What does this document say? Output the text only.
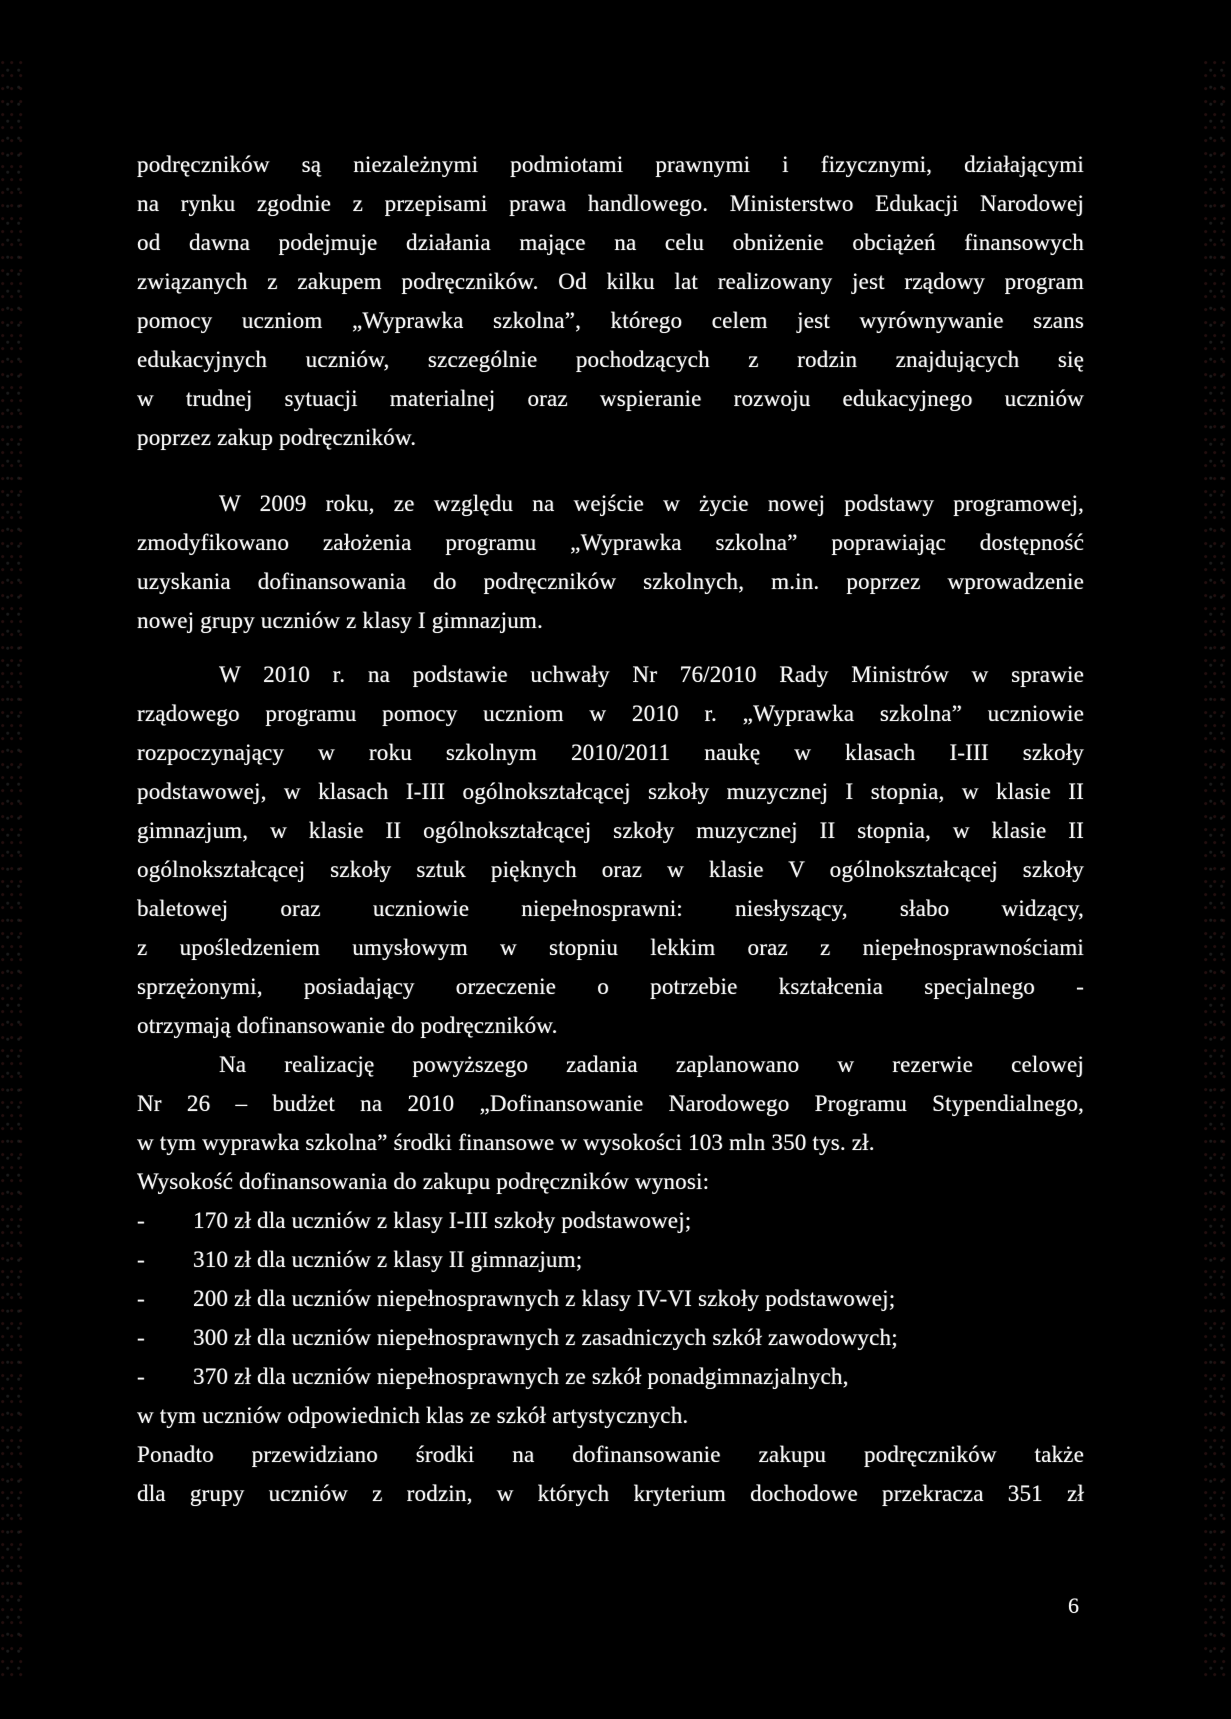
podręczników są niezależnymi podmiotami prawnymi i fizycznymi, działającymi
na rynku zgodnie z przepisami prawa handlowego. Ministerstwo Edukacji Narodowej
od dawna podejmuje działania mające na celu obniżenie obciążeń finansowych
związanych z zakupem podręczników. Od kilku lat realizowany jest rządowy program
pomocy uczniom „Wyprawka szkolna”, którego celem jest wyrównywanie szans
edukacyjnych uczniów, szczególnie pochodzących z rodzin znajdujących się
w trudnej sytuacji materialnej oraz wspieranie rozwoju edukacyjnego uczniów
poprzez zakup podręczników.
W 2009 roku, ze względu na wejście w życie nowej podstawy programowej,
zmodyfikowano założenia programu „Wyprawka szkolna” poprawiając dostępność
uzyskania dofinansowania do podręczników szkolnych, m.in. poprzez wprowadzenie
nowej grupy uczniów z klasy I gimnazjum.
W 2010 r. na podstawie uchwały Nr 76/2010 Rady Ministrów w sprawie
rządowego programu pomocy uczniom w 2010 r. „Wyprawka szkolna” uczniowie
rozpoczynający w roku szkolnym 2010/2011 naukę w klasach I-III szkoły
podstawowej, w klasach I-III ogólnokształcącej szkoły muzycznej I stopnia, w klasie II
gimnazjum, w klasie II ogólnokształcącej szkoły muzycznej II stopnia, w klasie II
ogólnokształcącej szkoły sztuk pięknych oraz w klasie V ogólnokształcącej szkoły
baletowej oraz uczniowie niepełnosprawni: niesłyszący, słabo widzący,
z upośledzeniem umysłowym w stopniu lekkim oraz z niepełnosprawnościami
sprzężonymi, posiadający orzeczenie o potrzebie kształcenia specjalnego -
otrzymają dofinansowanie do podręczników.
Na realizację powyższego zadania zaplanowano w rezerwie celowej
Nr 26 – budżet na 2010 „Dofinansowanie Narodowego Programu Stypendialnego,
w tym wyprawka szkolna” środki finansowe w wysokości 103 mln 350 tys. zł.
Wysokość dofinansowania do zakupu podręczników wynosi:
-	170 zł dla uczniów z klasy I-III szkoły podstawowej;
-	310 zł dla uczniów z klasy II gimnazjum;
-	200 zł dla uczniów niepełnosprawnych z klasy IV-VI szkoły podstawowej;
-	300 zł dla uczniów niepełnosprawnych z zasadniczych szkół zawodowych;
-	370 zł dla uczniów niepełnosprawnych ze szkół ponadgimnazjalnych,
w tym uczniów odpowiednich klas ze szkół artystycznych.
Ponadto przewidziano środki na dofinansowanie zakupu podręczników także
dla grupy uczniów z rodzin, w których kryterium dochodowe przekracza 351 zł
6
